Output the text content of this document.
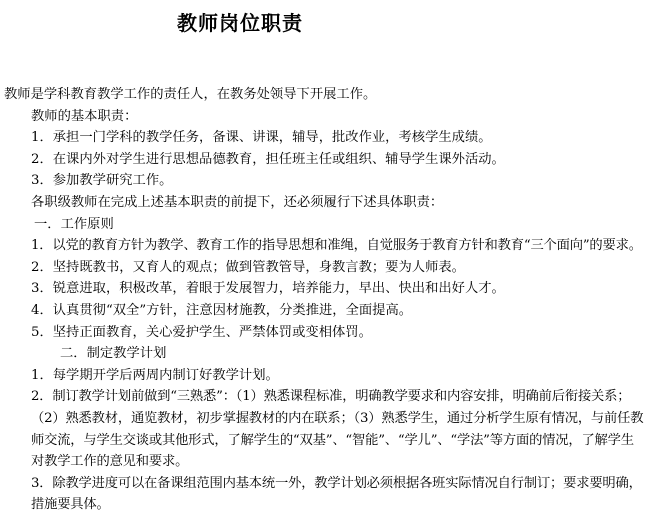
教师岗位职责

教师是学科教育教学工作的责任人，在教务处领导下开展工作。

教师的基本职责：

1．承担一门学科的教学任务，备课、讲课，辅导，批改作业，考核学生成绩。

2．在课内外对学生进行思想品德教育，担任班主任或组织、辅导学生课外活动。

3．参加教学研究工作。

各职级教师在完成上述基本职责的前提下，还必须履行下述具体职责：

一．工作原则

1．以党的教育方针为教学、教育工作的指导思想和准绳，自觉服务于教育方针和教育“三个面向”的要求。

2．坚持既教书，又育人的观点；做到管教管导，身教言教；要为人师表。

3．锐意进取，积极改革，着眼于发展智力，培养能力，早出、快出和出好人才。

4．认真贯彻“双全”方针，注意因材施教，分类推进，全面提高。

5．坚持正面教育，关心爱护学生、严禁体罚或变相体罚。

二．制定教学计划

1．每学期开学后两周内制订好教学计划。

2．制订教学计划前做到“三熟悉”：（1）熟悉课程标准，明确教学要求和内容安排，明确前后衔接关系；（2）熟悉教材，通览教材，初步掌握教材的内在联系；（3）熟悉学生，通过分析学生原有情况，与前任教师交流，与学生交谈或其他形式，了解学生的“双基”、“智能”、“学儿”、“学法”等方面的情况，了解学生对教学工作的意见和要求。

3．除教学进度可以在备课组范围内基本统一外，教学计划必须根据各班实际情况自行制订；要求要明确，措施要具体。
